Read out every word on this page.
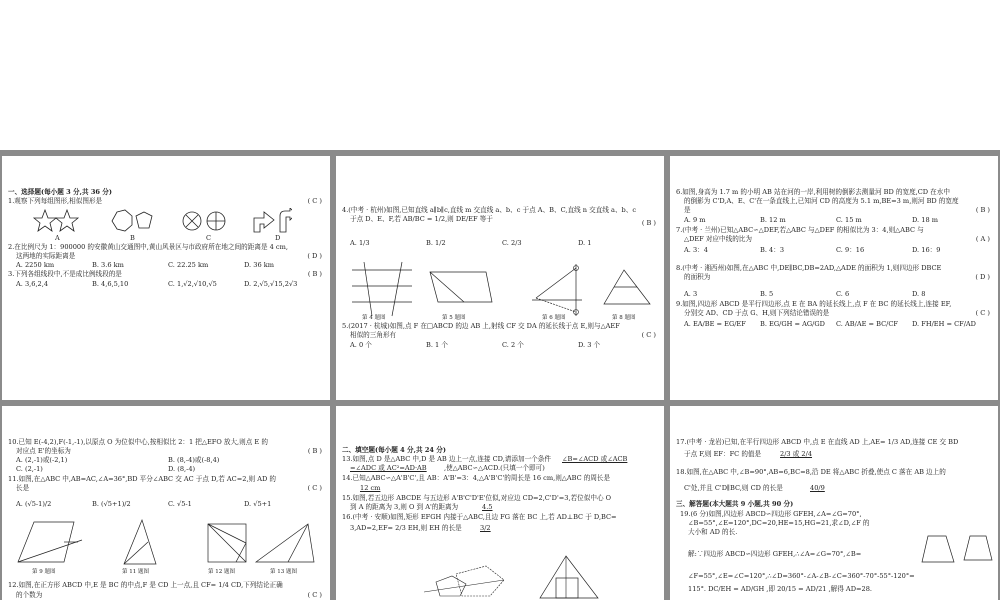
一、选择题(每小题 3 分,共 36 分)
1.观察下列每组图形,相似图形是	( C )
A	B	C	D
2.在比例尺为 1：900000 的安徽黄山交通图中,黄山风景区与市政府所在地之间的距离是 4 cm,
这两地的实际距离是	( D )
A. 2250 km	B. 3.6 km	C. 22.25 km	D. 36 km
3.下列各组线段中,不是成比例线段的是	( B )
A. 3,6,2,4	B. 4,6,5,10	C. 1,√2,√10,√5	D. 2,√5,√15,2√3
4.(中考 · 杭州)如图,已知直线 a∥b∥c,直线 m 交直线 a、b、c 于点 A、B、C,直线 n 交直线 a、b、c
于点 D、E、F,若 AB/BC = 1/2,则 DE/EF 等于	( B )
A. 1/3	B. 1/2	C. 2/3	D. 1
第 4 题图	第 5 题图	第 6 题图	第 8 题图
5.(2017 · 杭城)如图,点 F 在□ABCD 的边 AB 上,射线 CF 交 DA 的延长线于点 E,则与△AEF
相似的三角形有	( C )
A. 0 个	B. 1 个	C. 2 个	D. 3 个
6.如图,身高为 1.7 m 的小明 AB 站在河的一岸,利用树的倒影去测量河 BD 的宽度,CD 在水中
的倒影为 C'D,A、E、C'在一条直线上,已知河 CD 的高度为 5.1 m,BE=3 m,则河 BD 的宽度
是	( B )
A. 9 m	B. 12 m	C. 15 m	D. 18 m
7.(中考 · 兰州)已知△ABC∽△DEF,若△ABC 与△DEF 的相似比为 3：4,则△ABC 与
△DEF 对应中线的比为	( A )
A. 3：4	B. 4：3	C. 9：16	D. 16：9
8.(中考 · 湘西州)如图,在△ABC 中,DE∥BC,DB=2AD,△ADE 的面积为 1,则四边形 DBCE
的面积为	( D )
A. 3	B. 5	C. 6	D. 8
9.如图,四边形 ABCD 是平行四边形,点 E 在 BA 的延长线上,点 F 在 BC 的延长线上,连接 EF,
分别交 AD、CD 于点 G、H,则下列结论错误的是	( C )
A. EA/BE = EG/EF B. EG/GH = AG/GD C. AB/AE = BC/CF D. FH/EH = CF/AD
10.已知 E(-4,2),F(-1,-1),以原点 O 为位似中心,按相似比 2：1 把△EFO 放大,则点 E 的
对应点 E'的坐标为	( B )
A. (2,-1)或(-2,1)	B. (8,-4)或(-8,4)
C. (2,-1)	D. (8,-4)
11.如图,在△ABC 中,AB=AC,∠A=36°,BD 平分∠ABC 交 AC 于点 D,若 AC=2,则 AD 的
长是	( C )
A. (√5-1)/2	B. (√5+1)/2	C. √5-1	D. √5+1
第 9 题图	第 11 题图	第 12 题图	第 13 题图
12.如图,在正方形 ABCD 中,E 是 BC 的中点,F 是 CD 上一点,且 CF= 1/4 CD,下列结论正确
的个数为	( C )
二、填空题(每小题 4 分,共 24 分)
13.如图,点 D 是△ABC 中,D 是 AB 边上一点,连接 CD,请添加一个条件 ∠B=∠ACD 或∠ACB
=∠ADC 或 AC²=AD·AB	,使△ABC∽△ACD.(只填一个即可)
14.已知△ABC∽△A'B'C',且 AB：A'B'=3：4,△A'B'C'的周长是 16 cm,则△ABC 的周长是
12 cm
15.如图,若五边形 ABCDE 与五边形 A'B'C'D'E'位似,对应边 CD=2,C'D'=3,若位似中心 O
到 A 的距离为 3,则 O 到 A'的距离为	4.5
16.(中考 · 安顺)如图,矩形 EFGH 内接于△ABC,且边 FG 落在 BC 上,若 AD⊥BC 于 D,BC=
3,AD=2,EF= 2/3 EH,则 EH 的长是	3/2
17.(中考 · 龙岩)已知,在平行四边形 ABCD 中,点 E 在直线 AD 上,AE= 1/3 AD,连接 CE 交 BD
于点 F,则 EF：FC 的值是	2/3 或 2/4
18.如图,在△ABC 中,∠B=90°,AB=6,BC=8,沿 DE 将△ABC 折叠,使点 C 落在 AB 边上的
C'处,并且 C'D∥BC,则 CD 的长是	40/9
三、解答题(本大题共 9 小题,共 90 分)
19.(6 分)如图,四边形 ABCD∽四边形 GFEH,∠A=∠G=70°,
∠B=55°,∠E=120°,DC=20,HE=15,HG=21,求∠D,∠F 的
大小和 AD 的长.
解:∵四边形 ABCD∽四边形 GFEH,∴∠A=∠G=70°,∠B=
∠F=55°,∠E=∠C=120°,∴∠D=360°-∠A-∠B-∠C=360°-70°-55°-120°=
115°. DC/EH = AD/GH ,即 20/15 = AD/21 ,解得 AD=28.
